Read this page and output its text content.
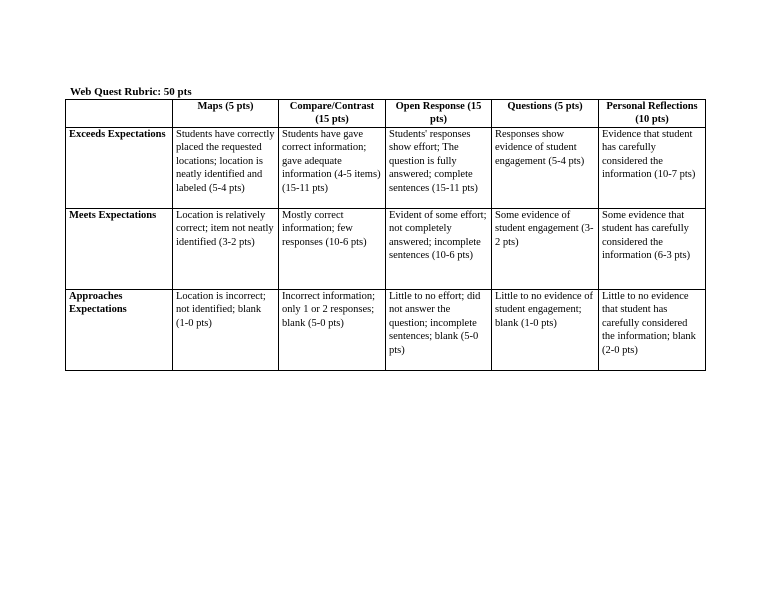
Web Quest Rubric: 50 pts
	Maps (5 pts)	Compare/Contrast (15 pts)	Open Response (15 pts)	Questions (5 pts)	Personal Reflections (10 pts)
Exceeds Expectations	Students have correctly placed the requested locations; location is neatly identified and labeled (5-4 pts)	Students have gave correct information; gave adequate information (4-5 items) (15-11 pts)	Students' responses show effort; The question is fully answered; complete sentences (15-11 pts)	Responses show evidence of student engagement (5-4 pts)	Evidence that student has carefully considered the information (10-7 pts)
Meets Expectations	Location is relatively correct; item not neatly identified (3-2 pts)	Mostly correct information; few responses (10-6 pts)	Evident of some effort; not completely answered; incomplete sentences (10-6 pts)	Some evidence of student engagement (3-2 pts)	Some evidence that student has carefully considered the information (6-3 pts)
Approaches Expectations	Location is incorrect; not identified; blank (1-0 pts)	Incorrect information; only 1 or 2 responses; blank (5-0 pts)	Little to no effort; did not answer the question; incomplete sentences; blank (5-0 pts)	Little to no evidence of student engagement; blank (1-0 pts)	Little to no evidence that student has carefully considered the information; blank (2-0 pts)
